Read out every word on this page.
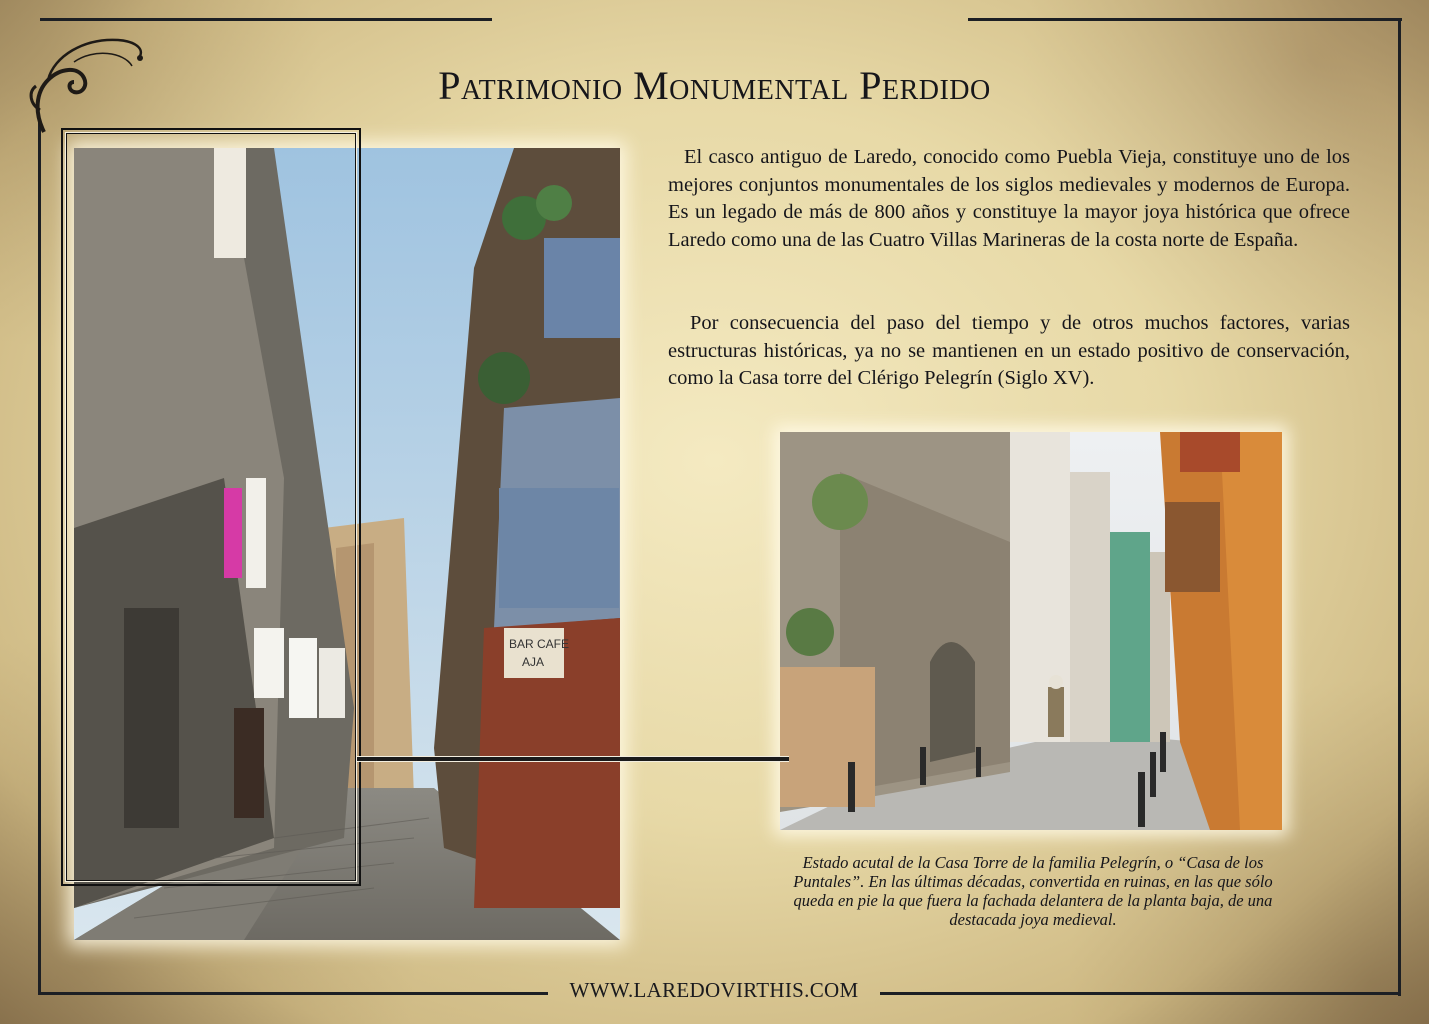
Patrimonio Monumental Perdido
BAR CAFE
AJA

El casco antiguo de Laredo, conocido como Puebla Vieja, constituye uno de los mejores conjuntos monumentales de los siglos medievales y modernos de Europa. Es un legado de más de 800 años y constituye la mayor joya histórica que ofrece Laredo como una de las Cuatro Villas Marineras de la costa norte de España.

Por consecuencia del paso del tiempo y de otros muchos factores, varias estructuras históricas, ya no se mantienen en un estado positivo de conservación, como la Casa torre del Clérigo Pelegrín (Siglo XV).

Estado acutal de la Casa Torre de la familia Pelegrín, o “Casa de los Puntales”. En las últimas décadas, convertida en ruinas, en las que sólo queda en pie la que fuera la fachada delantera de la planta baja, de una destacada joya medieval.

WWW.LAREDOVIRTHIS.COM
